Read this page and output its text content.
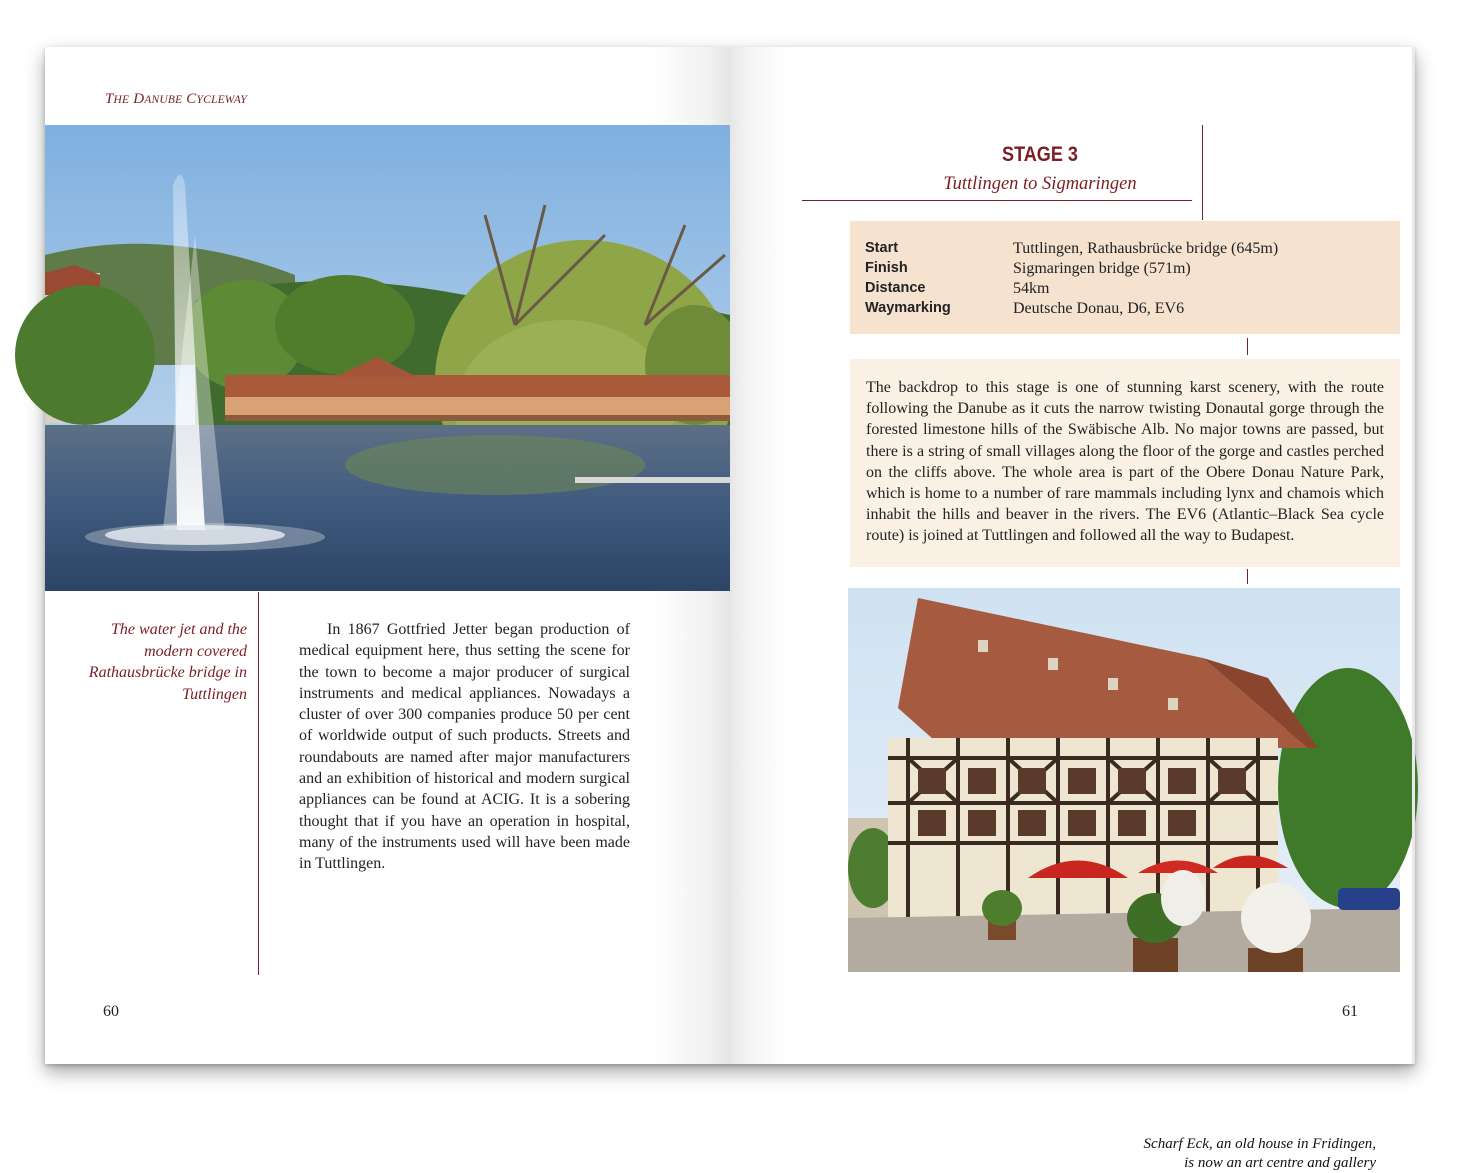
THE DANUBE CYCLEWAY
The water jet and the modern covered Rathausbrücke bridge in Tuttlingen
In 1867 Gottfried Jetter began production of medical equipment here, thus setting the scene for the town to become a major producer of surgical instruments and medical appliances. Nowadays a cluster of over 300 companies produce 50 per cent of worldwide output of such products. Streets and roundabouts are named after major manufacturers and an exhibition of historical and modern surgical appliances can be found at ACIG. It is a sobering thought that if you have an operation in hospital, many of the instruments used will have been made in Tuttlingen.
60
STAGE 3
Tuttlingen to Sigmaringen
Start	Tuttlingen, Rathausbrücke bridge (645m)
Finish	Sigmaringen bridge (571m)
Distance	54km
Waymarking	Deutsche Donau, D6, EV6
The backdrop to this stage is one of stunning karst scenery, with the route following the Danube as it cuts the narrow twisting Donautal gorge through the forested limestone hills of the Swäbische Alb. No major towns are passed, but there is a string of small villages along the floor of the gorge and castles perched on the cliffs above. The whole area is part of the Obere Donau Nature Park, which is home to a number of rare mammals including lynx and chamois which inhabit the hills and beaver in the rivers. The EV6 (Atlantic–Black Sea cycle route) is joined at Tuttlingen and followed all the way to Budapest.
Scharf Eck, an old house in Fridingen,
is now an art centre and gallery
61
